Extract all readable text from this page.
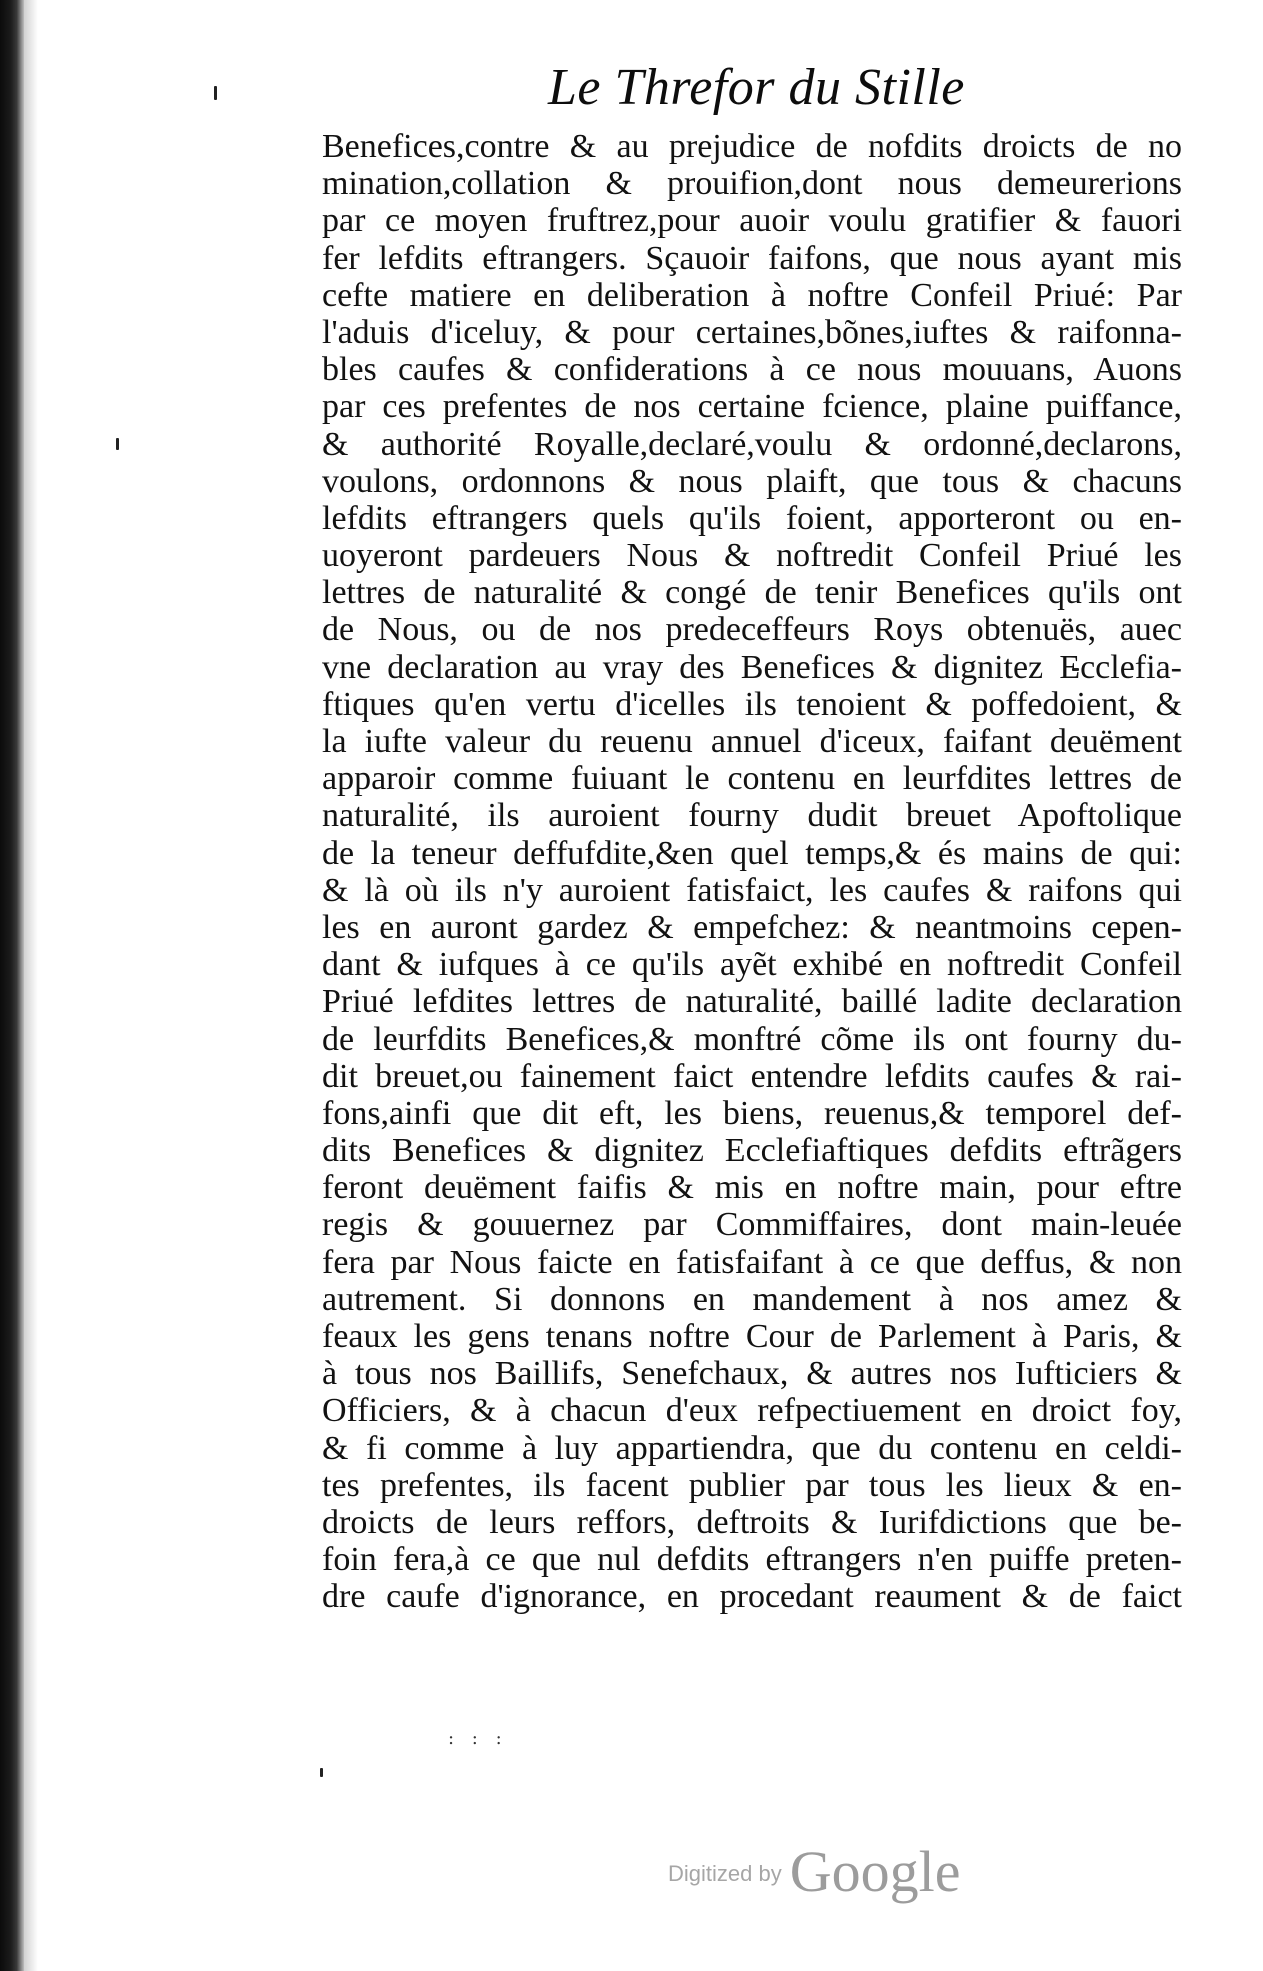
Le Threfor du Stille
Benefices,contre & au prejudice de nofdits droicts de no
mination,collation & prouifion,dont nous demeurerions
par ce moyen fruftrez,pour auoir voulu gratifier & fauori
fer lefdits eftrangers. Sçauoir faifons, que nous ayant mis
cefte matiere en deliberation à noftre Confeil Priué: Par
l'aduis d'iceluy, & pour certaines,bõnes,iuftes & raifonna-
bles caufes & confiderations à ce nous mouuans, Auons
par ces prefentes de nos certaine fcience, plaine puiffance,
& authorité Royalle,declaré,voulu & ordonné,declarons,
voulons, ordonnons & nous plaift, que tous & chacuns
lefdits eftrangers quels qu'ils foient, apporteront ou en-
uoyeront pardeuers Nous & noftredit Confeil Priué les
lettres de naturalité & congé de tenir Benefices qu'ils ont
de Nous, ou de nos predeceffeurs Roys obtenuës, auec
vne declaration au vray des Benefices & dignitez Ecclefia-
ftiques qu'en vertu d'icelles ils tenoient & poffedoient, &
la iufte valeur du reuenu annuel d'iceux, faifant deuëment
apparoir comme fuiuant le contenu en leurfdites lettres de
naturalité, ils auroient fourny dudit breuet Apoftolique
de la teneur deffufdite,&en quel temps,& és mains de qui:
& là où ils n'y auroient fatisfaict, les caufes & raifons qui
les en auront gardez & empefchez: & neantmoins cepen-
dant & iufques à ce qu'ils ayẽt exhibé en noftredit Confeil
Priué lefdites lettres de naturalité, baillé ladite declaration
de leurfdits Benefices,& monftré cõme ils ont fourny du-
dit breuet,ou fainement faict entendre lefdits caufes & rai-
fons,ainfi que dit eft, les biens, reuenus,& temporel def-
dits Benefices & dignitez Ecclefiaftiques defdits eftrãgers
feront deuëment faifis & mis en noftre main, pour eftre
regis & gouuernez par Commiffaires, dont main-leuée
fera par Nous faicte en fatisfaifant à ce que deffus, & non
autrement. Si donnons en mandement à nos amez &
feaux les gens tenans noftre Cour de Parlement à Paris, &
à tous nos Baillifs, Senefchaux, & autres nos Iufticiers &
Officiers, & à chacun d'eux refpectiuement en droict foy,
& fi comme à luy appartiendra, que du contenu en celdi-
tes prefentes, ils facent publier par tous les lieux & en-
droicts de leurs reffors, deftroits & Iurifdictions que be-
foin fera,à ce que nul defdits eftrangers n'en puiffe preten-
dre caufe d'ignorance, en procedant reaument & de faict
: : :
Digitized by Google
